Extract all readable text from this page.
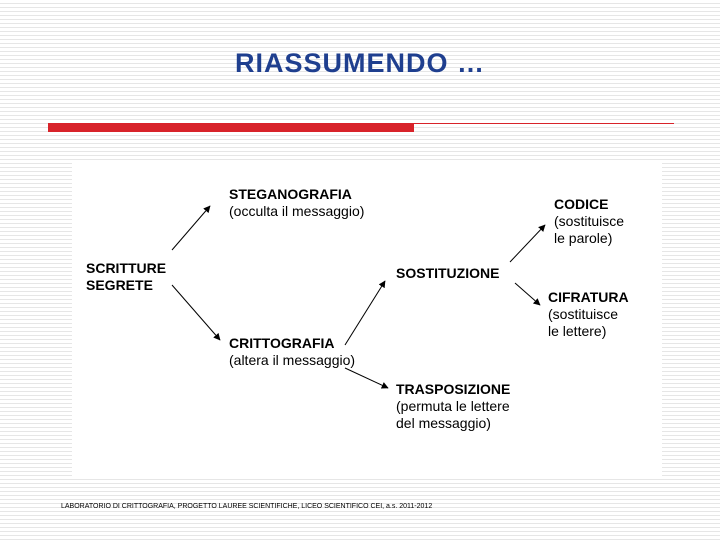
RIASSUMENDO …
SCRITTURE
SEGRETE
STEGANOGRAFIA
(occulta il messaggio)
CRITTOGRAFIA
(altera il messaggio)
SOSTITUZIONE
TRASPOSIZIONE
(permuta le lettere
del messaggio)
CODICE
(sostituisce
le parole)
CIFRATURA
(sostituisce
le lettere)
LABORATORIO DI CRITTOGRAFIA, PROGETTO LAUREE SCIENTIFICHE, LICEO SCIENTIFICO CEI, a.s. 2011-2012
